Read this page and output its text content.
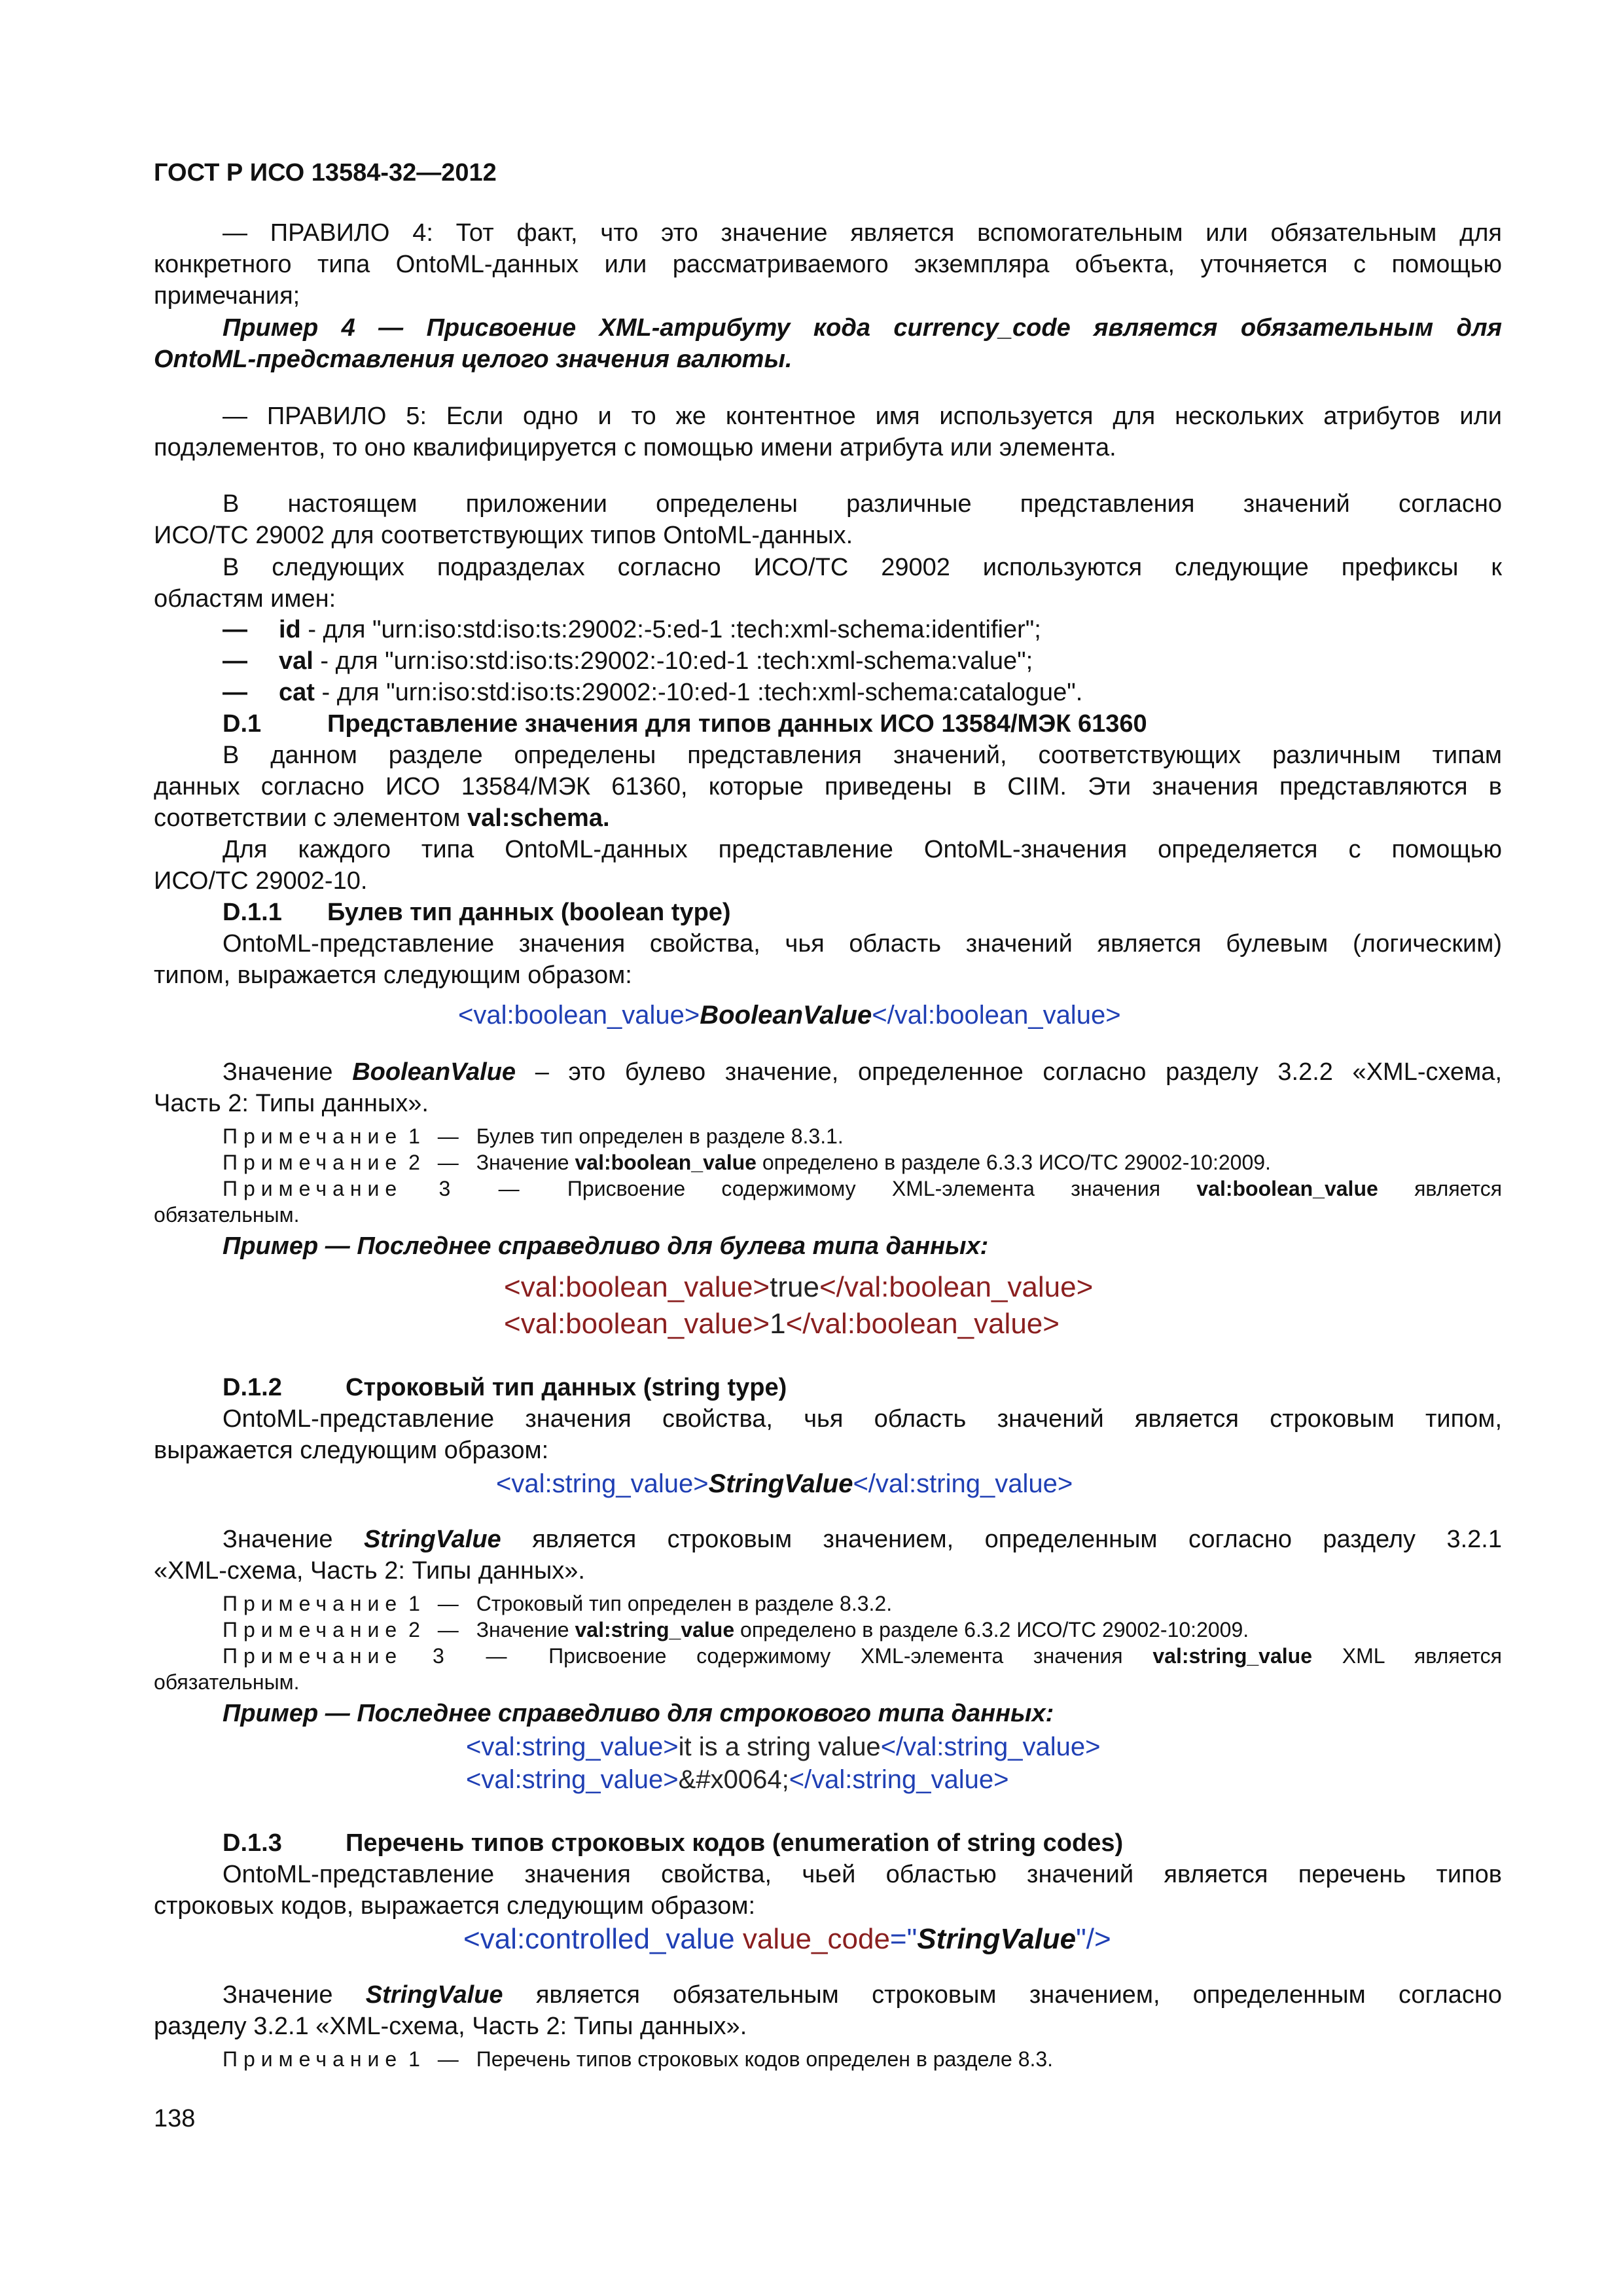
ГОСТ Р ИСО 13584-32—2012
— ПРАВИЛО 4: Тот факт, что это значение является вспомогательным или обязательным для
конкретного типа OntoML-данных или рассматриваемого экземпляра объекта, уточняется с помощью
примечания;
Пример 4 — Присвоение XML-атрибуту кода currency_code является обязательным для
OntoML-представления целого значения валюты.
— ПРАВИЛО 5: Если одно и то же контентное имя используется для нескольких атрибутов или
подэлементов, то оно квалифицируется с помощью имени атрибута или элемента.
В настоящем приложении определены различные представления значений согласно
ИСО/ТС 29002 для соответствующих типов OntoML-данных.
В следующих подразделах согласно ИСО/ТС 29002 используются следующие префиксы к
областям имен:
— id - для "urn:iso:std:iso:ts:29002:-5:ed-1 :tech:xml-schema:identifier";
— val - для "urn:iso:std:iso:ts:29002:-10:ed-1 :tech:xml-schema:value";
— cat - для "urn:iso:std:iso:ts:29002:-10:ed-1 :tech:xml-schema:catalogue".
D.1	Представление значения для типов данных ИСО 13584/МЭК 61360
В данном разделе определены представления значений, соответствующих различным типам
данных согласно ИСО 13584/МЭК 61360, которые приведены в CIIM. Эти значения представляются в
соответствии с элементом val:schema.
Для каждого типа OntoML-данных представление OntoML-значения определяется с помощью
ИСО/ТС 29002-10.
D.1.1 Булев тип данных (boolean type)
OntoML-представление значения свойства, чья область значений является булевым (логическим)
типом, выражается следующим образом:
<val:boolean_value>BooleanValue</val:boolean_value>
Значение BooleanValue – это булево значение, определенное согласно разделу 3.2.2 «XML-схема,
Часть 2: Типы данных».
Примечание 1 — Булев тип определен в разделе 8.3.1.
Примечание 2 — Значение val:boolean_value определено в разделе 6.3.3 ИСО/ТС 29002-10:2009.
Примечание 3 — Присвоение содержимому XML-элемента значения val:boolean_value является
обязательным.
Пример — Последнее справедливо для булева типа данных:
<val:boolean_value>true</val:boolean_value>
<val:boolean_value>1</val:boolean_value>
D.1.2	Строковый тип данных (string type)
OntoML-представление значения свойства, чья область значений является строковым типом,
выражается следующим образом:
<val:string_value>StringValue</val:string_value>
Значение StringValue является строковым значением, определенным согласно разделу 3.2.1
«XML-схема, Часть 2: Типы данных».
Примечание 1 — Строковый тип определен в разделе 8.3.2.
Примечание 2 — Значение val:string_value определено в разделе 6.3.2 ИСО/ТС 29002-10:2009.
Примечание 3 — Присвоение содержимому XML-элемента значения val:string_value XML является
обязательным.
Пример — Последнее справедливо для строкового типа данных:
<val:string_value>it is a string value</val:string_value>
<val:string_value>&#x0064;</val:string_value>
D.1.3	Перечень типов строковых кодов (enumeration of string codes)
OntoML-представление значения свойства, чьей областью значений является перечень типов
строковых кодов, выражается следующим образом:
<val:controlled_value value_code="StringValue"/>
Значение StringValue является обязательным строковым значением, определенным согласно
разделу 3.2.1 «XML-схема, Часть 2: Типы данных».
Примечание 1 — Перечень типов строковых кодов определен в разделе 8.3.
138
